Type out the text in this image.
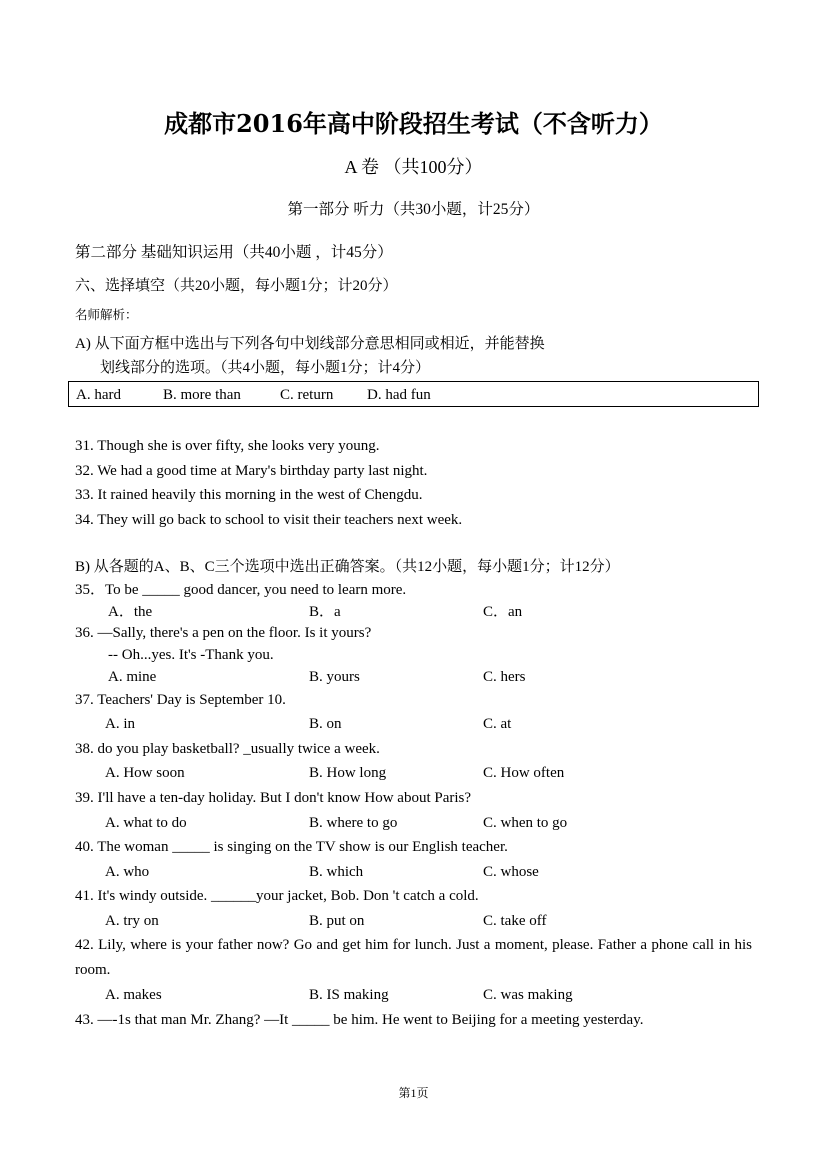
成都市2016年高中阶段招生考试（不含听力）
A 卷 （共100分）
第一部分 听力（共30小题，计25分）
第二部分 基础知识运用（共40小题 ，计45分）
六、选择填空（共20小题，每小题1分；计20分）
名师解析：
A) 从下面方框中选出与下列各句中划线部分意思相同或相近，并能替换
划线部分的选项。（共4小题，每小题1分；计4分）
A. hard	B. more than	C. return D. had fun
31. Though she is over fifty, she looks very young.
32. We had a good time at Mary's birthday party last night.
33. It rained heavily this morning in the west of Chengdu.
34. They will go back to school to visit their teachers next week.
B) 从各题的A、B、C三个选项中选出正确答案。（共12小题，每小题1分；计12分）
35．To be _____ good dancer, you need to learn more.
A．the	B．a	C．an
36. —Sally, there's a pen on the floor. Is it yours?
-- Oh...yes. It's -Thank you.
A. mine	B. yours	C. hers
37. Teachers' Day is September 10.
A. in	B. on	C. at
38. do you play basketball? _usually twice a week.
A. How soon	B. How long	C. How often
39. I'll have a ten-day holiday. But I don't know How about Paris?
A. what to do	B. where to go	C. when to go
40. The woman _____ is singing on the TV show is our English teacher.
A. who	B. which	C. whose
41. It's windy outside. ______your jacket, Bob. Don 't catch a cold.
A. try on	B. put on	C. take off
42. Lily, where is your father now? Go and get him for lunch. Just a moment, please. Father a phone call in his room.
A. makes	B. IS making	C. was making
43. —-1s that man Mr. Zhang? —It _____ be him. He went to Beijing for a meeting yesterday.
第1页
